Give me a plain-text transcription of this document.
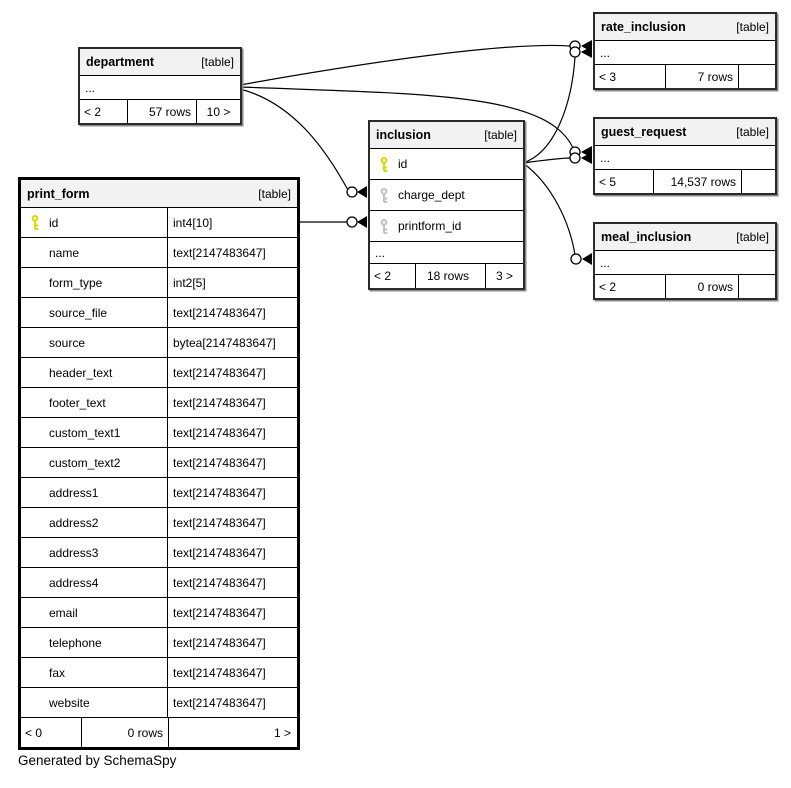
department	[table]
...
< 2	57 rows	10 >
rate_inclusion	[table]
...
< 3	7 rows
guest_request	[table]
...
< 5	14,537 rows
meal_inclusion	[table]
...
< 2	0 rows
inclusion	[table]
id
charge_dept
printform_id
...
< 2	18 rows	3 >
print_form	[table]
id	int4[10]
name	text[2147483647]
form_type	int2[5]
source_file	text[2147483647]
source	bytea[2147483647]
header_text	text[2147483647]
footer_text	text[2147483647]
custom_text1	text[2147483647]
custom_text2	text[2147483647]
address1	text[2147483647]
address2	text[2147483647]
address3	text[2147483647]
address4	text[2147483647]
email	text[2147483647]
telephone	text[2147483647]
fax	text[2147483647]
website	text[2147483647]
< 0	0 rows	1 >
Generated by SchemaSpy
